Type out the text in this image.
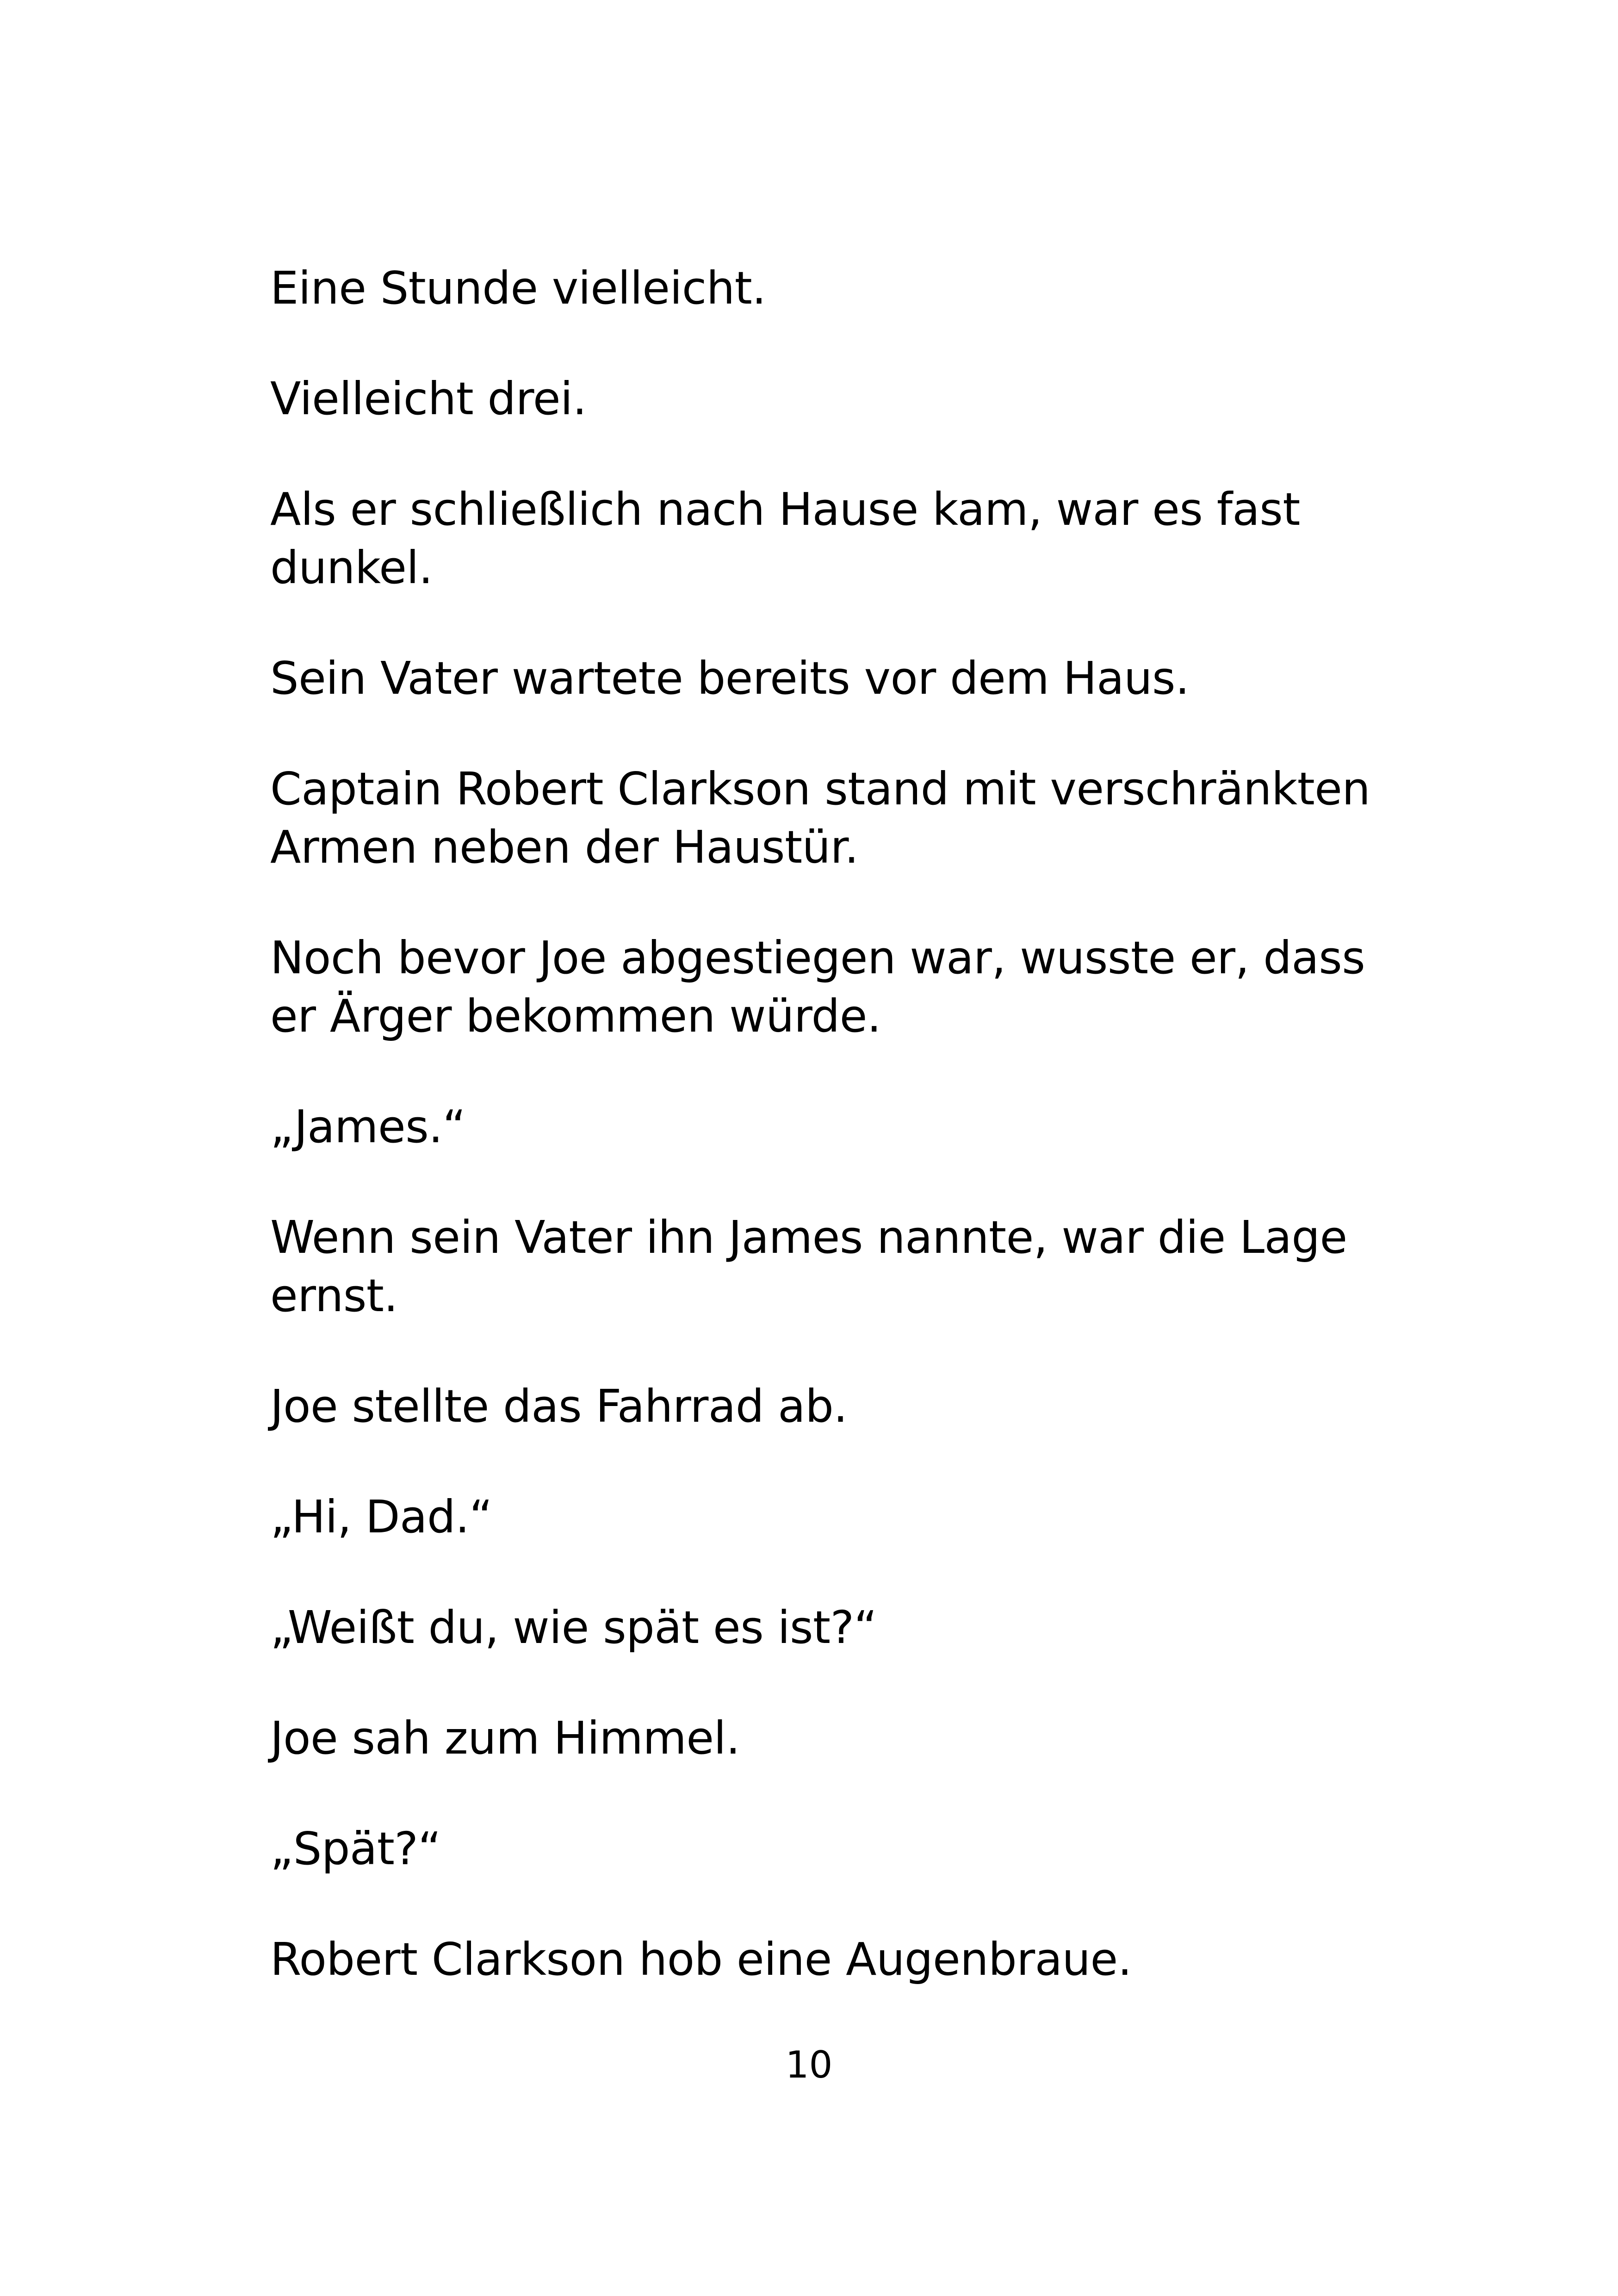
Eine Stunde vielleicht.

Vielleicht drei.

Als er schließlich nach Hause kam, war es fast dunkel.

Sein Vater wartete bereits vor dem Haus.

Captain Robert Clarkson stand mit verschränkten Armen neben der Haustür.

Noch bevor Joe abgestiegen war, wusste er, dass er Ärger bekommen würde.

„James.“

Wenn sein Vater ihn James nannte, war die Lage ernst.

Joe stellte das Fahrrad ab.

„Hi, Dad.“

„Weißt du, wie spät es ist?“

Joe sah zum Himmel.

„Spät?“

Robert Clarkson hob eine Augenbraue.

10
